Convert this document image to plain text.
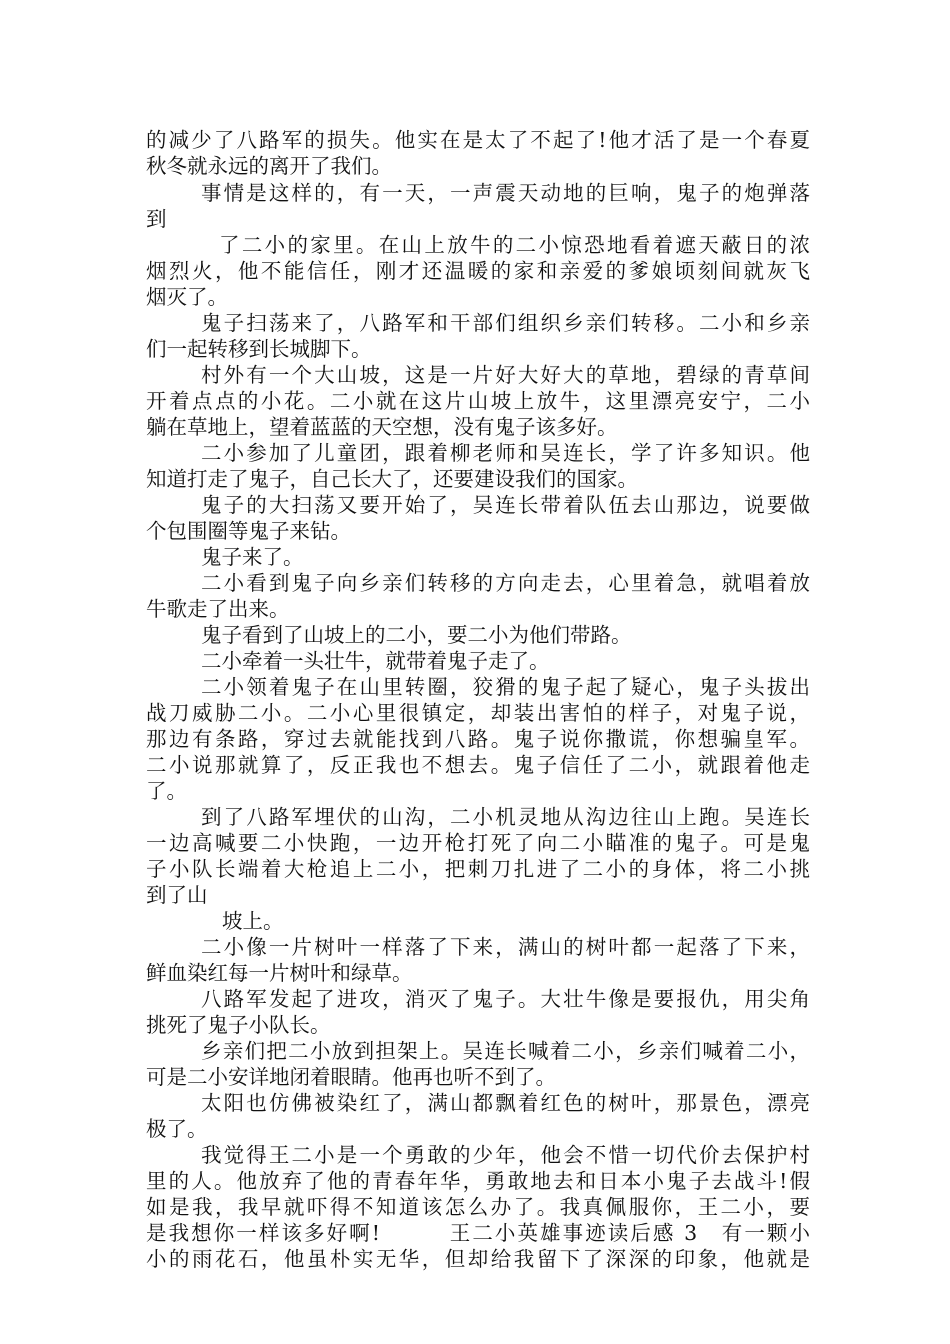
的减少了八路军的损失。他实在是太了不起了!他才活了是一个春夏
秋冬就永远的离开了我们。
事情是这样的，有一天，一声震天动地的巨响，鬼子的炮弹落
到
了二小的家里。在山上放牛的二小惊恐地看着遮天蔽日的浓
烟烈火，他不能信任，刚才还温暖的家和亲爱的爹娘顷刻间就灰飞
烟灭了。
鬼子扫荡来了，八路军和干部们组织乡亲们转移。二小和乡亲
们一起转移到长城脚下。
村外有一个大山坡，这是一片好大好大的草地，碧绿的青草间
开着点点的小花。二小就在这片山坡上放牛，这里漂亮安宁，二小
躺在草地上，望着蓝蓝的天空想，没有鬼子该多好。
二小参加了儿童团，跟着柳老师和吴连长，学了许多知识。他
知道打走了鬼子，自己长大了，还要建设我们的国家。
鬼子的大扫荡又要开始了，吴连长带着队伍去山那边，说要做
个包围圈等鬼子来钻。
鬼子来了。
二小看到鬼子向乡亲们转移的方向走去，心里着急，就唱着放
牛歌走了出来。
鬼子看到了山坡上的二小，要二小为他们带路。
二小牵着一头壮牛，就带着鬼子走了。
二小领着鬼子在山里转圈，狡猾的鬼子起了疑心，鬼子头拔出
战刀威胁二小。二小心里很镇定，却装出害怕的样子，对鬼子说，
那边有条路，穿过去就能找到八路。鬼子说你撒谎，你想骗皇军。
二小说那就算了，反正我也不想去。鬼子信任了二小，就跟着他走
了。
到了八路军埋伏的山沟，二小机灵地从沟边往山上跑。吴连长
一边高喊要二小快跑，一边开枪打死了向二小瞄准的鬼子。可是鬼
子小队长端着大枪追上二小，把刺刀扎进了二小的身体，将二小挑
到了山
坡上。
二小像一片树叶一样落了下来，满山的树叶都一起落了下来，
鲜血染红每一片树叶和绿草。
八路军发起了进攻，消灭了鬼子。大壮牛像是要报仇，用尖角
挑死了鬼子小队长。
乡亲们把二小放到担架上。吴连长喊着二小，乡亲们喊着二小，
可是二小安详地闭着眼睛。他再也听不到了。
太阳也仿佛被染红了，满山都飘着红色的树叶，那景色，漂亮
极了。
我觉得王二小是一个勇敢的少年，他会不惜一切代价去保护村
里的人。他放弃了他的青春年华，勇敢地去和日本小鬼子去战斗!假
如是我，我早就吓得不知道该怎么办了。我真佩服你，王二小，要
是我想你一样该多好啊!　　　王二小英雄事迹读后感 3　有一颗小
小的雨花石，他虽朴实无华，但却给我留下了深深的印象，他就是
